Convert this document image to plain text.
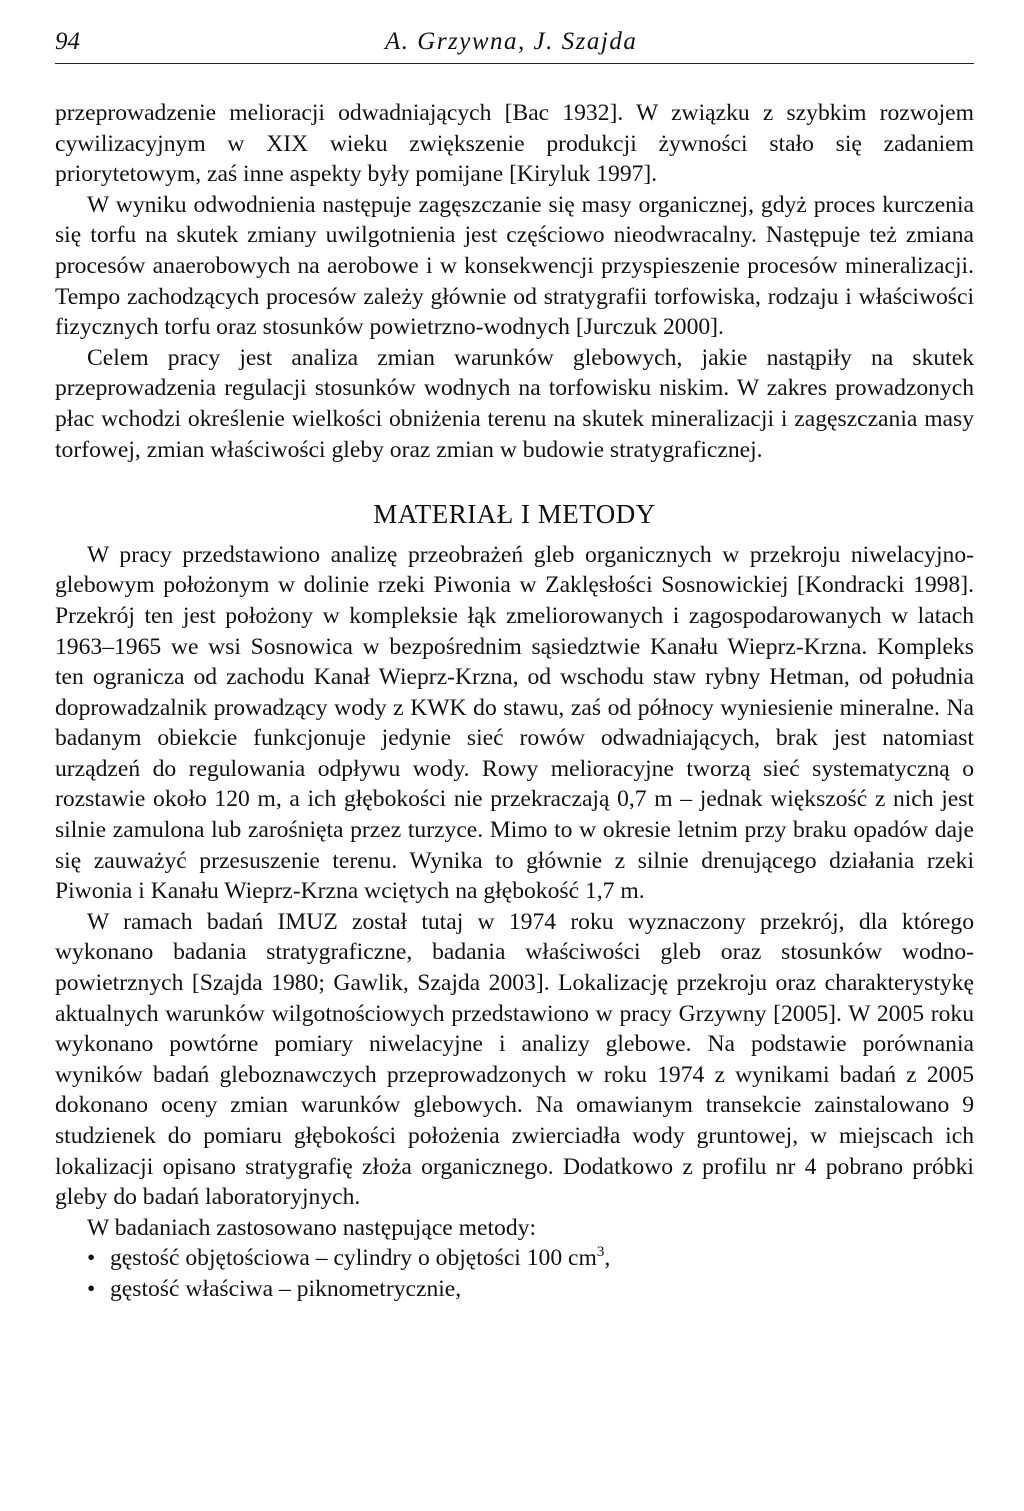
94	A. Grzywna, J. Szajda

przeprowadzenie melioracji odwadniających [Bac 1932]. W związku z szybkim rozwojem cywilizacyjnym w XIX wieku zwiększenie produkcji żywności stało się zadaniem priorytetowym, zaś inne aspekty były pomijane [Kiryluk 1997].

W wyniku odwodnienia następuje zagęszczanie się masy organicznej, gdyż proces kurczenia się torfu na skutek zmiany uwilgotnienia jest częściowo nieodwracalny. Następuje też zmiana procesów anaerobowych na aerobowe i w konsekwencji przyspieszenie procesów mineralizacji. Tempo zachodzących procesów zależy głównie od stratygrafii torfowiska, rodzaju i właściwości fizycznych torfu oraz stosunków powietrzno-wodnych [Jurczuk 2000].

Celem pracy jest analiza zmian warunków glebowych, jakie nastąpiły na skutek przeprowadzenia regulacji stosunków wodnych na torfowisku niskim. W zakres prowadzonych płac wchodzi określenie wielkości obniżenia terenu na skutek mineralizacji i zagęszczania masy torfowej, zmian właściwości gleby oraz zmian w budowie stratygraficznej.

MATERIAŁ I METODY

W pracy przedstawiono analizę przeobrażeń gleb organicznych w przekroju niwelacyjno-glebowym położonym w dolinie rzeki Piwonia w Zaklęsłości Sosnowickiej [Kondracki 1998]. Przekrój ten jest położony w kompleksie łąk zmeliorowanych i zagospodarowanych w latach 1963–1965 we wsi Sosnowica w bezpośrednim sąsiedztwie Kanału Wieprz-Krzna. Kompleks ten ogranicza od zachodu Kanał Wieprz-Krzna, od wschodu staw rybny Hetman, od południa doprowadzalnik prowadzący wody z KWK do stawu, zaś od północy wyniesienie mineralne. Na badanym obiekcie funkcjonuje jedynie sieć rowów odwadniających, brak jest natomiast urządzeń do regulowania odpływu wody. Rowy melioracyjne tworzą sieć systematyczną o rozstawie około 120 m, a ich głębokości nie przekraczają 0,7 m – jednak większość z nich jest silnie zamulona lub zarośnięta przez turzyce. Mimo to w okresie letnim przy braku opadów daje się zauważyć przesuszenie terenu. Wynika to głównie z silnie drenującego działania rzeki Piwonia i Kanału Wieprz-Krzna wciętych na głębokość 1,7 m.

W ramach badań IMUZ został tutaj w 1974 roku wyznaczony przekrój, dla którego wykonano badania stratygraficzne, badania właściwości gleb oraz stosunków wodno-powietrznych [Szajda 1980; Gawlik, Szajda 2003]. Lokalizację przekroju oraz charakterystykę aktualnych warunków wilgotnościowych przedstawiono w pracy Grzywny [2005]. W 2005 roku wykonano powtórne pomiary niwelacyjne i analizy glebowe. Na podstawie porównania wyników badań gleboznawczych przeprowadzonych w roku 1974 z wynikami badań z 2005 dokonano oceny zmian warunków glebowych. Na omawianym transekcie zainstalowano 9 studzienek do pomiaru głębokości położenia zwierciadła wody gruntowej, w miejscach ich lokalizacji opisano stratygrafię złoża organicznego. Dodatkowo z profilu nr 4 pobrano próbki gleby do badań laboratoryjnych.

W badaniach zastosowano następujące metody:

• gęstość objętościowa – cylindry o objętości 100 $cm^3$,
• gęstość właściwa – piknometrycznie,
